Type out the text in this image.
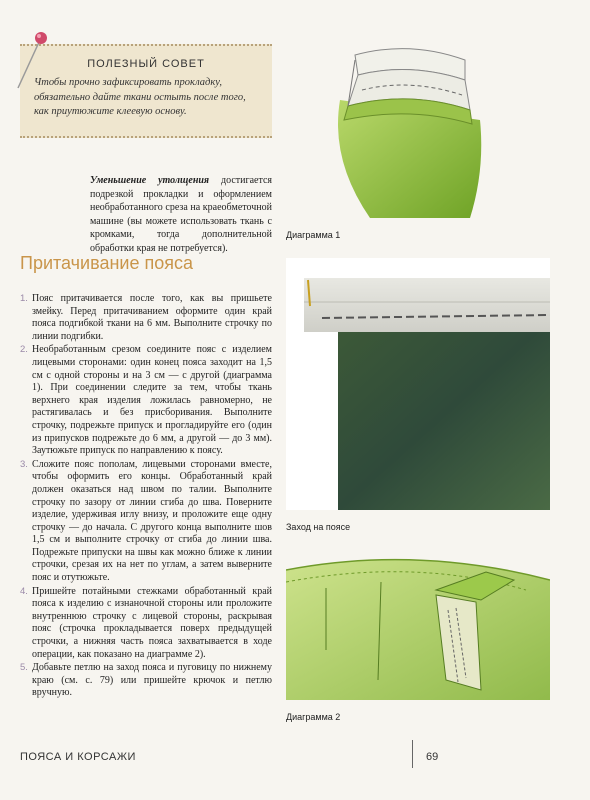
ПОЛЕЗНЫЙ СОВЕТ
Чтобы прочно зафиксировать прокладку, обязательно дайте ткани остыть после того, как приутюжите клеевую основу.

Уменьшение утолщения достигается подрезкой прокладки и оформлением необработанного среза на краеобметочной машине (вы можете использовать ткань с кромками, тогда дополнительной обработки края не потребуется).

Притачивание пояса
1. Пояс притачивается после того, как вы пришьете змейку. Перед притачиванием оформите один край пояса подгибкой ткани на 6 мм. Выполните строчку по линии подгибки.
2. Необработанным срезом соедините пояс с изделием лицевыми сторонами: один конец пояса заходит на 1,5 см с одной стороны и на 3 см — с другой (диаграмма 1). При соединении следите за тем, чтобы ткань верхнего края изделия ложилась равномерно, не растягивалась и без присборивания. Выполните строчку, подрежьте припуск и прогладируйте его (один из припусков подрежьте до 6 мм, а другой — до 3 мм). Заутюжьте припуск по направлению к поясу.
3. Сложите пояс пополам, лицевыми сторонами вместе, чтобы оформить его концы. Обработанный край должен оказаться над швом по талии. Выполните строчку по зазору от линии сгиба до шва. Поверните изделие, удерживая иглу внизу, и проложите еще одну строчку — до начала. С другого конца выполните шов 1,5 см и выполните строчку от сгиба до линии шва. Подрежьте припуски на швы как можно ближе к линии строчки, срезая их на нет по углам, а затем выверните пояс и отутюжьте.
4. Пришейте потайными стежками обработанный край пояса к изделию с изнаночной стороны или проложите внутреннюю строчку с лицевой стороны, раскрывая пояс (строчка прокладывается поверх предыдущей строчки, а нижняя часть пояса захватывается в ходе операции, как показано на диаграмме 2).
5. Добавьте петлю на заход пояса и пуговицу по нижнему краю (см. с. 79) или пришейте крючок и петлю вручную.
Диаграмма 1
Заход на поясе
Диаграмма 2
ПОЯСА И КОРСАЖИ	69
